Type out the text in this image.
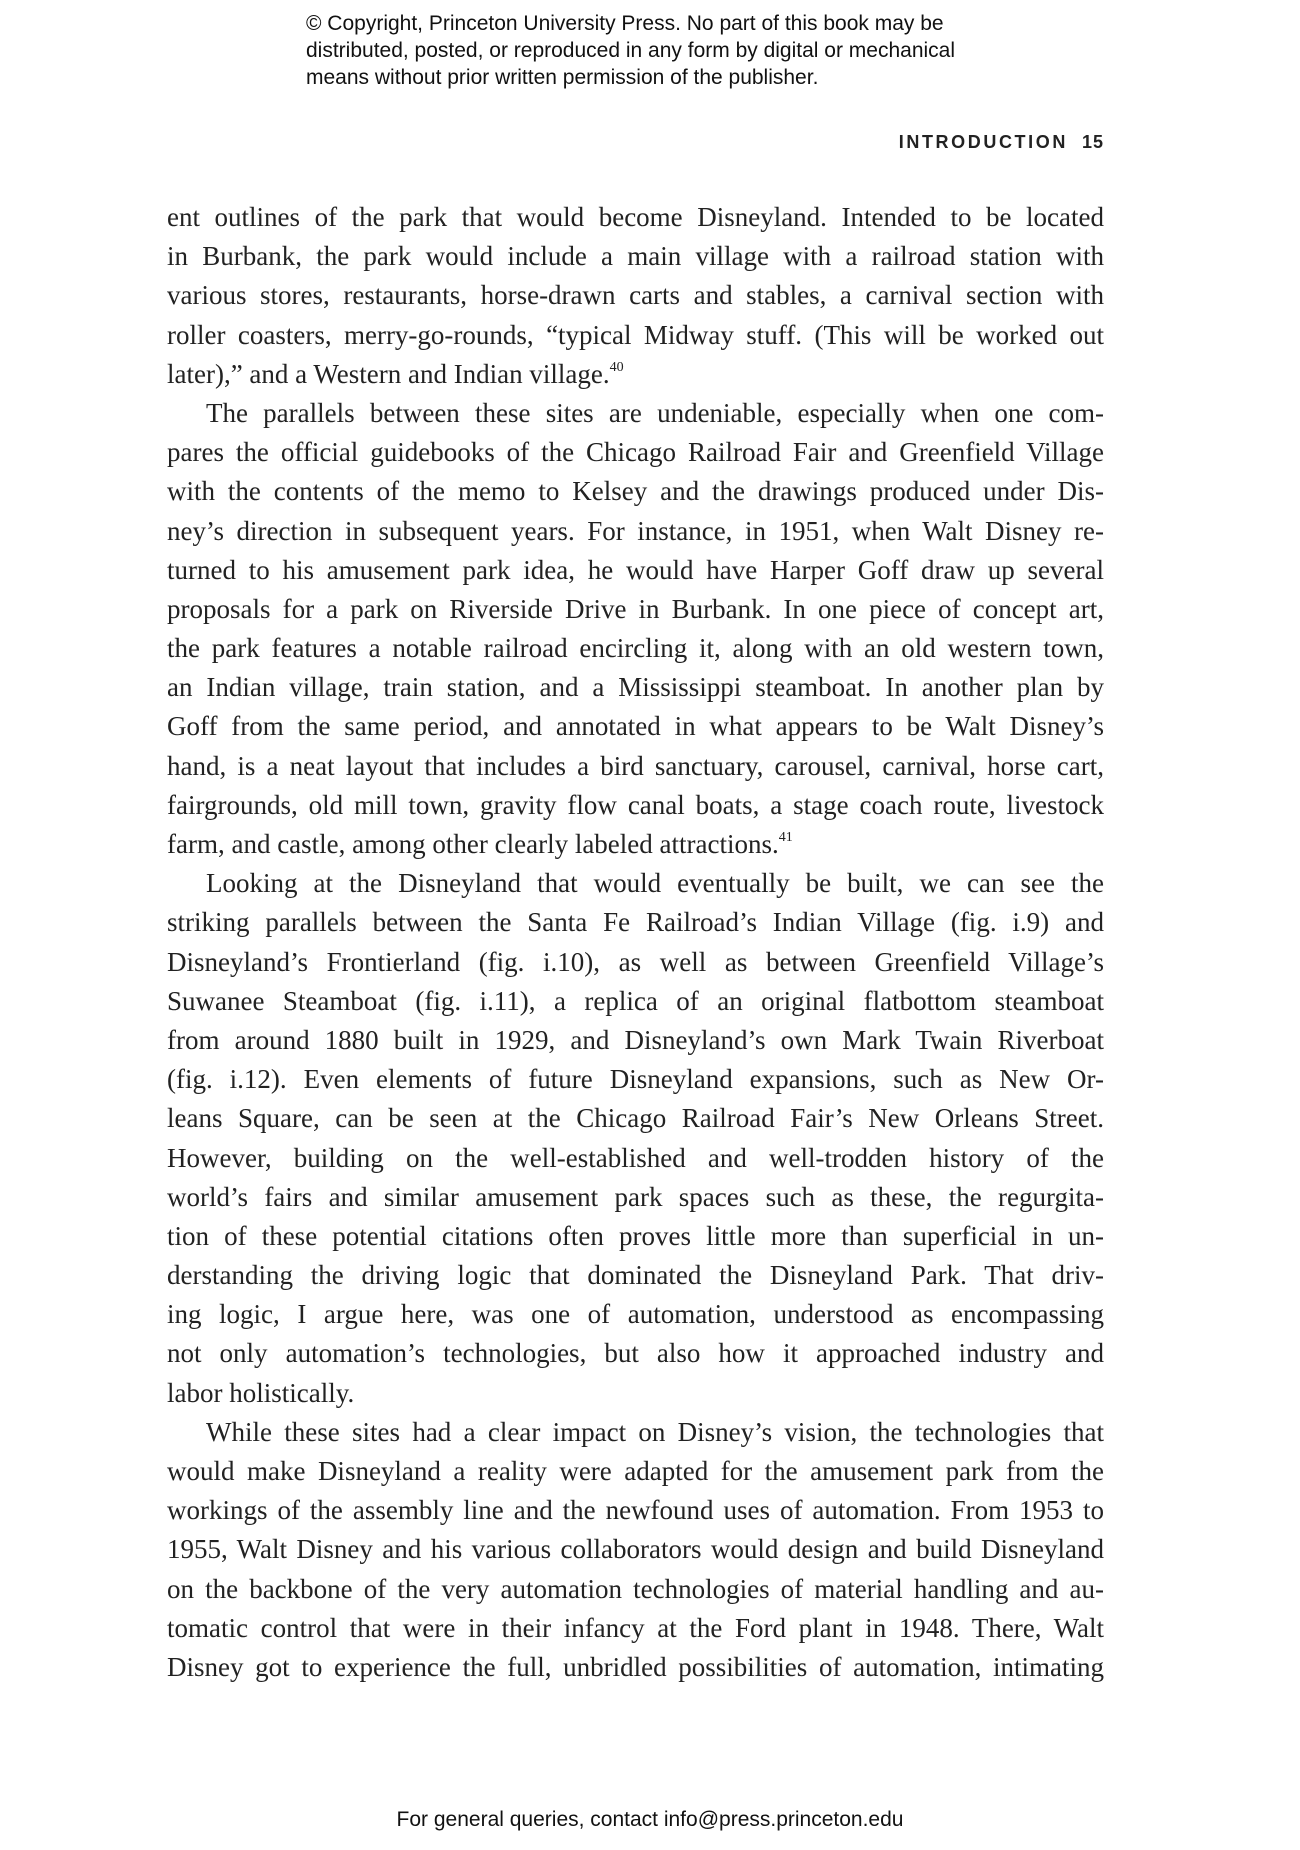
© Copyright, Princeton University Press. No part of this book may be
distributed, posted, or reproduced in any form by digital or mechanical
means without prior written permission of the publisher.
INTRODUCTION 15
ent outlines of the park that would become Disneyland. Intended to be located
in Burbank, the park would include a main village with a railroad station with
various stores, restaurants, horse-drawn carts and stables, a carnival section with
roller coasters, merry-go-rounds, “typical Midway stuff. (This will be worked out
later),” and a Western and Indian village.$^{40}$
The parallels between these sites are undeniable, especially when one com-
pares the official guidebooks of the Chicago Railroad Fair and Greenfield Village
with the contents of the memo to Kelsey and the drawings produced under Dis-
ney’s direction in subsequent years. For instance, in 1951, when Walt Disney re-
turned to his amusement park idea, he would have Harper Goff draw up several
proposals for a park on Riverside Drive in Burbank. In one piece of concept art,
the park features a notable railroad encircling it, along with an old western town,
an Indian village, train station, and a Mississippi steamboat. In another plan by
Goff from the same period, and annotated in what appears to be Walt Disney’s
hand, is a neat layout that includes a bird sanctuary, carousel, carnival, horse cart,
fairgrounds, old mill town, gravity flow canal boats, a stage coach route, livestock
farm, and castle, among other clearly labeled attractions.$^{41}$
Looking at the Disneyland that would eventually be built, we can see the
striking parallels between the Santa Fe Railroad’s Indian Village (fig. i.9) and
Disneyland’s Frontierland (fig. i.10), as well as between Greenfield Village’s
Suwanee Steamboat (fig. i.11), a replica of an original flatbottom steamboat
from around 1880 built in 1929, and Disneyland’s own Mark Twain Riverboat
(fig. i.12). Even elements of future Disneyland expansions, such as New Or-
leans Square, can be seen at the Chicago Railroad Fair’s New Orleans Street.
However, building on the well-established and well-trodden history of the
world’s fairs and similar amusement park spaces such as these, the regurgita-
tion of these potential citations often proves little more than superficial in un-
derstanding the driving logic that dominated the Disneyland Park. That driv-
ing logic, I argue here, was one of automation, understood as encompassing
not only automation’s technologies, but also how it approached industry and
labor holistically.
While these sites had a clear impact on Disney’s vision, the technologies that
would make Disneyland a reality were adapted for the amusement park from the
workings of the assembly line and the newfound uses of automation. From 1953 to
1955, Walt Disney and his various collaborators would design and build Disneyland
on the backbone of the very automation technologies of material handling and au-
tomatic control that were in their infancy at the Ford plant in 1948. There, Walt
Disney got to experience the full, unbridled possibilities of automation, intimating
For general queries, contact info@press.princeton.edu
